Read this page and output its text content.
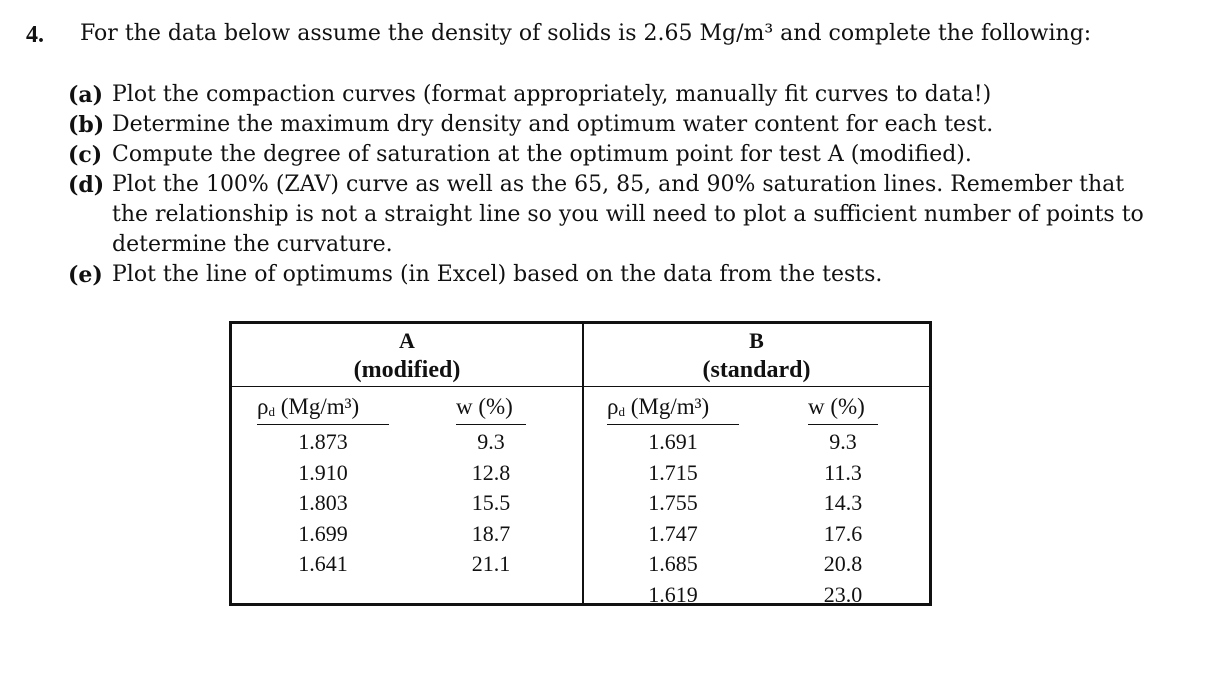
4. For the data below assume the density of solids is 2.65 Mg/m³ and complete the following:
(a) Plot the compaction curves (format appropriately, manually fit curves to data!)
(b) Determine the maximum dry density and optimum water content for each test.
(c) Compute the degree of saturation at the optimum point for test A (modified).
(d) Plot the 100% (ZAV) curve as well as the 65, 85, and 90% saturation lines. Remember that
the relationship is not a straight line so you will need to plot a sufficient number of points to
determine the curvature.
(e) Plot the line of optimums (in Excel) based on the data from the tests.
A
(modified)
ρd (Mg/m³)	w (%)
1.873	9.3
1.910	12.8
1.803	15.5
1.699	18.7
1.641	21.1
B
(standard)
ρd (Mg/m³)	w (%)
1.691	9.3
1.715	11.3
1.755	14.3
1.747	17.6
1.685	20.8
1.619	23.0
